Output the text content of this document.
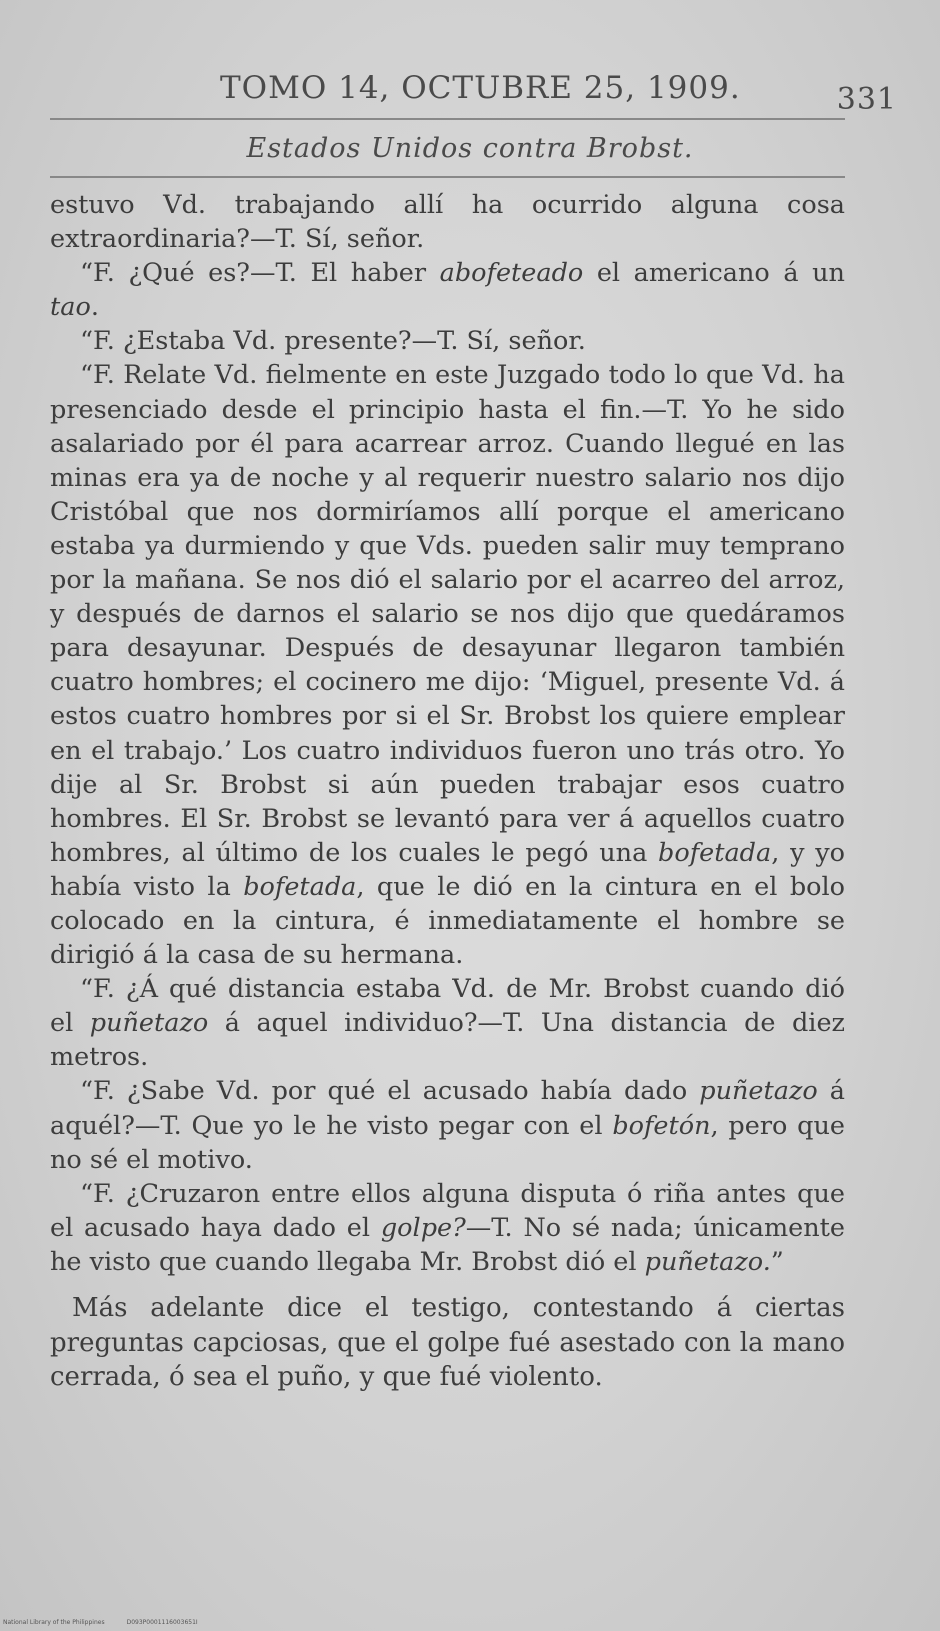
TOMO 14, OCTUBRE 25, 1909.	331
Estados Unidos contra Brobst.

estuvo Vd. trabajando allí ha ocurrido alguna cosa extraordinaria?—T. Sí, señor.

“F. ¿Qué es?—T. El haber abofeteado el americano á un tao.

“F. ¿Estaba Vd. presente?—T. Sí, señor.

“F. Relate Vd. fielmente en este Juzgado todo lo que Vd. ha presenciado desde el principio hasta el fin.—T. Yo he sido asalariado por él para acarrear arroz. Cuando llegué en las minas era ya de noche y al requerir nuestro salario nos dijo Cristóbal que nos dormiríamos allí porque el americano estaba ya durmiendo y que Vds. pueden salir muy temprano por la mañana. Se nos dió el salario por el acarreo del arroz, y después de darnos el salario se nos dijo que quedáramos para desayunar. Después de desayunar llegaron también cuatro hombres; el cocinero me dijo: ‘Miguel, presente Vd. á estos cuatro hombres por si el Sr. Brobst los quiere emplear en el trabajo.’ Los cuatro individuos fueron uno trás otro. Yo dije al Sr. Brobst si aún pueden trabajar esos cuatro hombres. El Sr. Brobst se levantó para ver á aquellos cuatro hombres, al último de los cuales le pegó una bofetada, y yo había visto la bofetada, que le dió en la cintura en el bolo colocado en la cintura, é inmediatamente el hombre se dirigió á la casa de su hermana.

“F. ¿Á qué distancia estaba Vd. de Mr. Brobst cuando dió el puñetazo á aquel individuo?—T. Una distancia de diez metros.

“F. ¿Sabe Vd. por qué el acusado había dado puñetazo á aquél?—T. Que yo le he visto pegar con el bofetón, pero que no sé el motivo.

“F. ¿Cruzaron entre ellos alguna disputa ó riña antes que el acusado haya dado el golpe?—T. No sé nada; únicamente he visto que cuando llegaba Mr. Brobst dió el puñetazo.”

Más adelante dice el testigo, contestando á ciertas preguntas capciosas, que el golpe fué asestado con la mano cerrada, ó sea el puño, y que fué violento.

National Library of the Philippines	D093P0001116003651I
